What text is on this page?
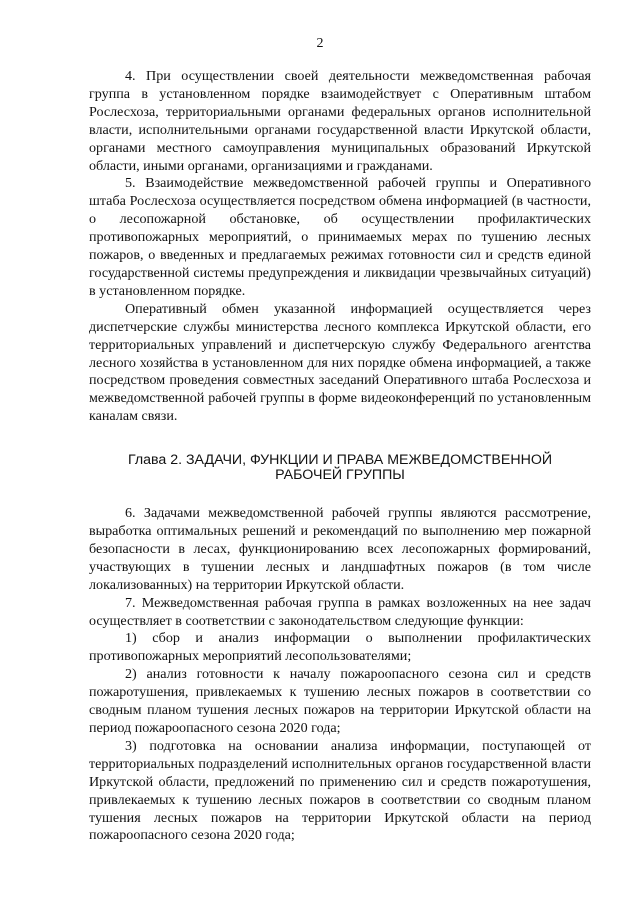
2

4. При осуществлении своей деятельности межведомственная рабочая группа в установленном порядке взаимодействует с Оперативным штабом Рослесхоза, территориальными органами федеральных органов исполнительной власти, исполнительными органами государственной власти Иркутской области, органами местного самоуправления муниципальных образований Иркутской области, иными органами, организациями и гражданами.

5. Взаимодействие межведомственной рабочей группы и Оперативного штаба Рослесхоза осуществляется посредством обмена информацией (в частности, о лесопожарной обстановке, об осуществлении профилактических противопожарных мероприятий, о принимаемых мерах по тушению лесных пожаров, о введенных и предлагаемых режимах готовности сил и средств единой государственной системы предупреждения и ликвидации чрезвычайных ситуаций) в установленном порядке.

Оперативный обмен указанной информацией осуществляется через диспетчерские службы министерства лесного комплекса Иркутской области, его территориальных управлений и диспетчерскую службу Федерального агентства лесного хозяйства в установленном для них порядке обмена информацией, а также посредством проведения совместных заседаний Оперативного штаба Рослесхоза и межведомственной рабочей группы в форме видеоконференций по установленным каналам связи.

Глава 2. ЗАДАЧИ, ФУНКЦИИ И ПРАВА МЕЖВЕДОМСТВЕННОЙ
РАБОЧЕЙ ГРУППЫ

6. Задачами межведомственной рабочей группы являются рассмотрение, выработка оптимальных решений и рекомендаций по выполнению мер пожарной безопасности в лесах, функционированию всех лесопожарных формирований, участвующих в тушении лесных и ландшафтных пожаров (в том числе локализованных) на территории Иркутской области.

7. Межведомственная рабочая группа в рамках возложенных на нее задач осуществляет в соответствии с законодательством следующие функции:

1) сбор и анализ информации о выполнении профилактических противопожарных мероприятий лесопользователями;

2) анализ готовности к началу пожароопасного сезона сил и средств пожаротушения, привлекаемых к тушению лесных пожаров в соответствии со сводным планом тушения лесных пожаров на территории Иркутской области на период пожароопасного сезона 2020 года;

3) подготовка на основании анализа информации, поступающей от территориальных подразделений исполнительных органов государственной власти Иркутской области, предложений по применению сил и средств пожаротушения, привлекаемых к тушению лесных пожаров в соответствии со сводным планом тушения лесных пожаров на территории Иркутской области на период пожароопасного сезона 2020 года;
